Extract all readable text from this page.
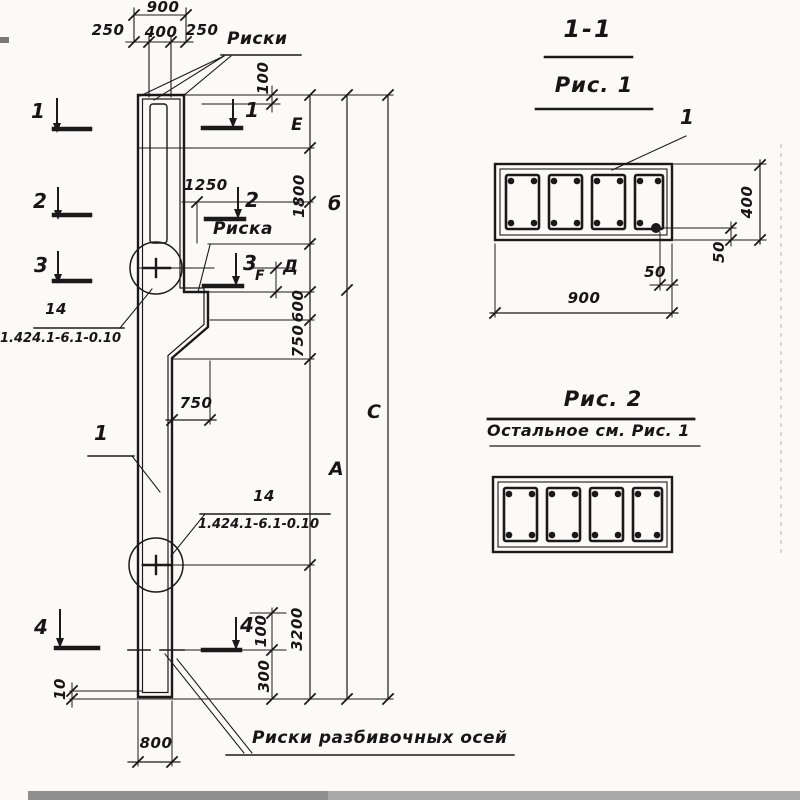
900
250	400 250 Риски
100
1	1
2	2
3	3
4	4
1250
Риска
E
1800 б
Д
F
600
750
14
1.424.1-6.1-0.10
750
1
А
С
14
1.424.1-6.1-0.10
3200
100
300
10
800	Риски разбивочных осей
1-1
Рис. 1
1
400
50
50
900
Рис. 2
Остальное см. Рис. 1
